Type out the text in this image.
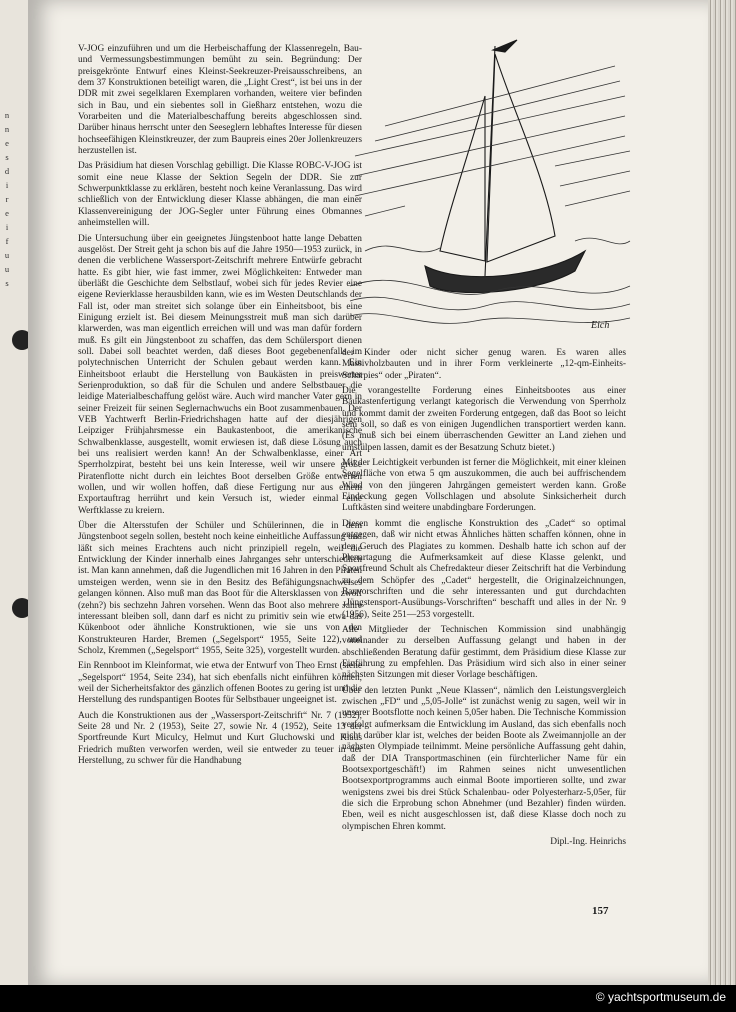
n
n
e
s
d
i
r
e
i
f
u
u
s

V-JOG einzuführen und um die Herbeischaffung der Klassenregeln, Bau- und Vermessungsbestimmungen bemüht zu sein. Begründung: Der preisgekrönte Entwurf eines Kleinst-Seekreuzer-Preisausschreibens, an dem 37 Konstruktionen beteiligt waren, die „Light Crest“, ist bei uns in der DDR mit zwei segelklaren Exemplaren vorhanden, weitere vier befinden sich in Bau, und ein siebentes soll in Gießharz entstehen, wozu die Vorarbeiten und die Materialbeschaffung bereits abgeschlossen sind. Darüber hinaus herrscht unter den Seeseglern lebhaftes Interesse für diesen hochseefähigen Kleinstkreuzer, der zum Baupreis eines 20er Jollenkreuzers herzustellen ist.

Das Präsidium hat diesen Vorschlag gebilligt. Die Klasse ROBC-V-JOG ist somit eine neue Klasse der Sektion Segeln der DDR. Sie zur Schwerpunktklasse zu erklären, besteht noch keine Veranlassung. Das wird schließlich von der Entwicklung dieser Klasse abhängen, die man einer Klassenvereinigung der JOG-Segler unter Führung eines Obmannes anheimstellen will.

Die Untersuchung über ein geeignetes Jüngstenboot hatte lange Debatten ausgelöst. Der Streit geht ja schon bis auf die Jahre 1950—1953 zurück, in denen die verblichene Wassersport-Zeitschrift mehrere Entwürfe gebracht hatte. Es gibt hier, wie fast immer, zwei Möglichkeiten: Entweder man überläßt die Geschichte dem Selbstlauf, wobei sich für jedes Revier eine eigene Revierklasse herausbilden kann, wie es im Westen Deutschlands der Fall ist, oder man streitet sich solange über ein Einheitsboot, bis eine Einigung erzielt ist. Bei diesem Meinungsstreit muß man sich darüber klarwerden, was man eigentlich erreichen will und was man dafür fordern muß. Es gilt ein Jüngstenboot zu schaffen, das dem Schülersport dienen soll. Dabei soll beachtet werden, daß dieses Boot gegebenenfalls im polytechnischen Unterricht der Schulen gebaut werden kann. Ein Einheitsboot erlaubt die Herstellung von Baukästen in preiswerter Serienproduktion, so daß für die Schulen und andere Selbstbauer die leidige Materialbeschaffung gelöst wäre. Auch wird mancher Vater gern in seiner Freizeit für seinen Seglernachwuchs ein Boot zusammenbauen. Der VEB Yachtwerft Berlin-Friedrichshagen hatte auf der diesjährigen Leipziger Frühjahrsmesse ein Baukastenboot, die amerikanische Schwalbenklasse, ausgestellt, womit erwiesen ist, daß diese Lösung auch bei uns realisiert werden kann! An der Schwalbenklasse, einer Art Sperrholzpirat, besteht bei uns kein Interesse, weil wir unsere große Piratenflotte nicht durch ein leichtes Boot derselben Größe entwerten wollen, und wir wollen hoffen, daß diese Fertigung nur aus einem Exportauftrag herrührt und kein Versuch ist, wieder einmal eine Werftklasse zu kreiern.

Über die Altersstufen der Schüler und Schülerinnen, die in dem Jüngstenboot segeln sollen, besteht noch keine einheitliche Auffassung und läßt sich meines Erachtens auch nicht prinzipiell regeln, weil die Entwicklung der Kinder innerhalb eines Jahrganges sehr unterschiedlich ist. Man kann annehmen, daß die Jugendlichen mit 16 Jahren in den Piraten umsteigen werden, wenn sie in den Besitz des Befähigungsnachweises gelangen können. Also muß man das Boot für die Altersklassen von zwölf (zehn?) bis sechzehn Jahren vorsehen. Wenn das Boot also mehrere Jahre interessant bleiben soll, dann darf es nicht zu primitiv sein wie etwa das Kükenboot oder ähnliche Konstruktionen, wie sie uns von den Konstrukteuren Harder, Bremen („Segelsport“ 1955, Seite 122), und Scholz, Kremmen („Segelsport“ 1955, Seite 325), vorgestellt wurden.

Ein Rennboot im Kleinformat, wie etwa der Entwurf von Theo Ernst (siehe „Segelsport“ 1954, Seite 234), hat sich ebenfalls nicht einführen können, weil der Sicherheitsfaktor des gänzlich offenen Bootes zu gering ist und die Herstellung des rundspantigen Bootes für Selbstbauer ungeeignet ist.

Auch die Konstruktionen aus der „Wassersport-Zeitschrift“ Nr. 7 (1952), Seite 28 und Nr. 2 (1953), Seite 27, sowie Nr. 4 (1952), Seite 13 der Sportfreunde Kurt Miculcy, Helmut und Kurt Gluchowski und Klaus Friedrich mußten verworfen werden, weil sie entweder zu teuer in der Herstellung, zu schwer für die Handhabung

Eich

der Kinder oder nicht sicher genug waren. Es waren alles Massivholzbauten und in ihrer Form verkleinerte „12-qm-Einheits-Scharpies“ oder „Piraten“.

Die vorangestellte Forderung eines Einheitsbootes aus einer Baukastenfertigung verlangt kategorisch die Verwendung von Sperrholz und kommt damit der zweiten Forderung entgegen, daß das Boot so leicht sein soll, so daß es von einigen Jugendlichen transportiert werden kann. (Es muß sich bei einem überraschenden Gewitter an Land ziehen und umstülpen lassen, damit es der Besatzung Schutz bietet.)

Mit der Leichtigkeit verbunden ist ferner die Möglichkeit, mit einer kleinen Segelfläche von etwa 5 qm auszukommen, die auch bei auffrischendem Wind von den jüngeren Jahrgängen gemeistert werden kann. Große Eindeckung gegen Vollschlagen und absolute Sinksicherheit durch Luftkästen sind weitere unabdingbare Forderungen.

Diesen kommt die englische Konstruktion des „Cadet“ so optimal entgegen, daß wir nicht etwas Ähnliches hätten schaffen können, ohne in den Geruch des Plagiates zu kommen. Deshalb hatte ich schon auf der Plenartagung die Aufmerksamkeit auf diese Klasse gelenkt, und Sportfreund Schult als Chefredakteur dieser Zeitschrift hat die Verbindung zu dem Schöpfer des „Cadet“ hergestellt, die Originalzeichnungen, Bauvorschriften und die sehr interessanten und gut durchdachten „Jüngstensport-Ausübungs-Vorschriften“ beschafft und alles in der Nr. 9 (1956), Seite 251—253 vorgestellt.

Alle Mitglieder der Technischen Kommission sind unabhängig voneinander zu derselben Auffassung gelangt und haben in der abschließenden Beratung dafür gestimmt, dem Präsidium diese Klasse zur Einführung zu empfehlen. Das Präsidium wird sich also in einer seiner nächsten Sitzungen mit dieser Vorlage beschäftigen.

Über den letzten Punkt „Neue Klassen“, nämlich den Leistungsvergleich zwischen „FD“ und „5,05-Jolle“ ist zunächst wenig zu sagen, weil wir in unserer Bootsflotte noch keinen 5,05er haben. Die Technische Kommission verfolgt aufmerksam die Entwicklung im Ausland, das sich ebenfalls noch nicht darüber klar ist, welches der beiden Boote als Zweimannjolle an der nächsten Olympiade teilnimmt. Meine persönliche Auffassung geht dahin, daß der DIA Transportmaschinen (ein fürchterlicher Name für ein Bootsexportgeschäft!) im Rahmen seines nicht unwesentlichen Bootsexportprogramms auch einmal Boote importieren sollte, und zwar wenigstens zwei bis drei Stück Schalenbau- oder Polyesterharz-5,05er, für die sich die Erprobung schon Abnehmer (und Bezahler) finden würden. Eben, weil es nicht ausgeschlossen ist, daß diese Klasse doch noch zu olympischen Ehren kommt.

Dipl.-Ing. Heinrichs

157
© yachtsportmuseum.de
